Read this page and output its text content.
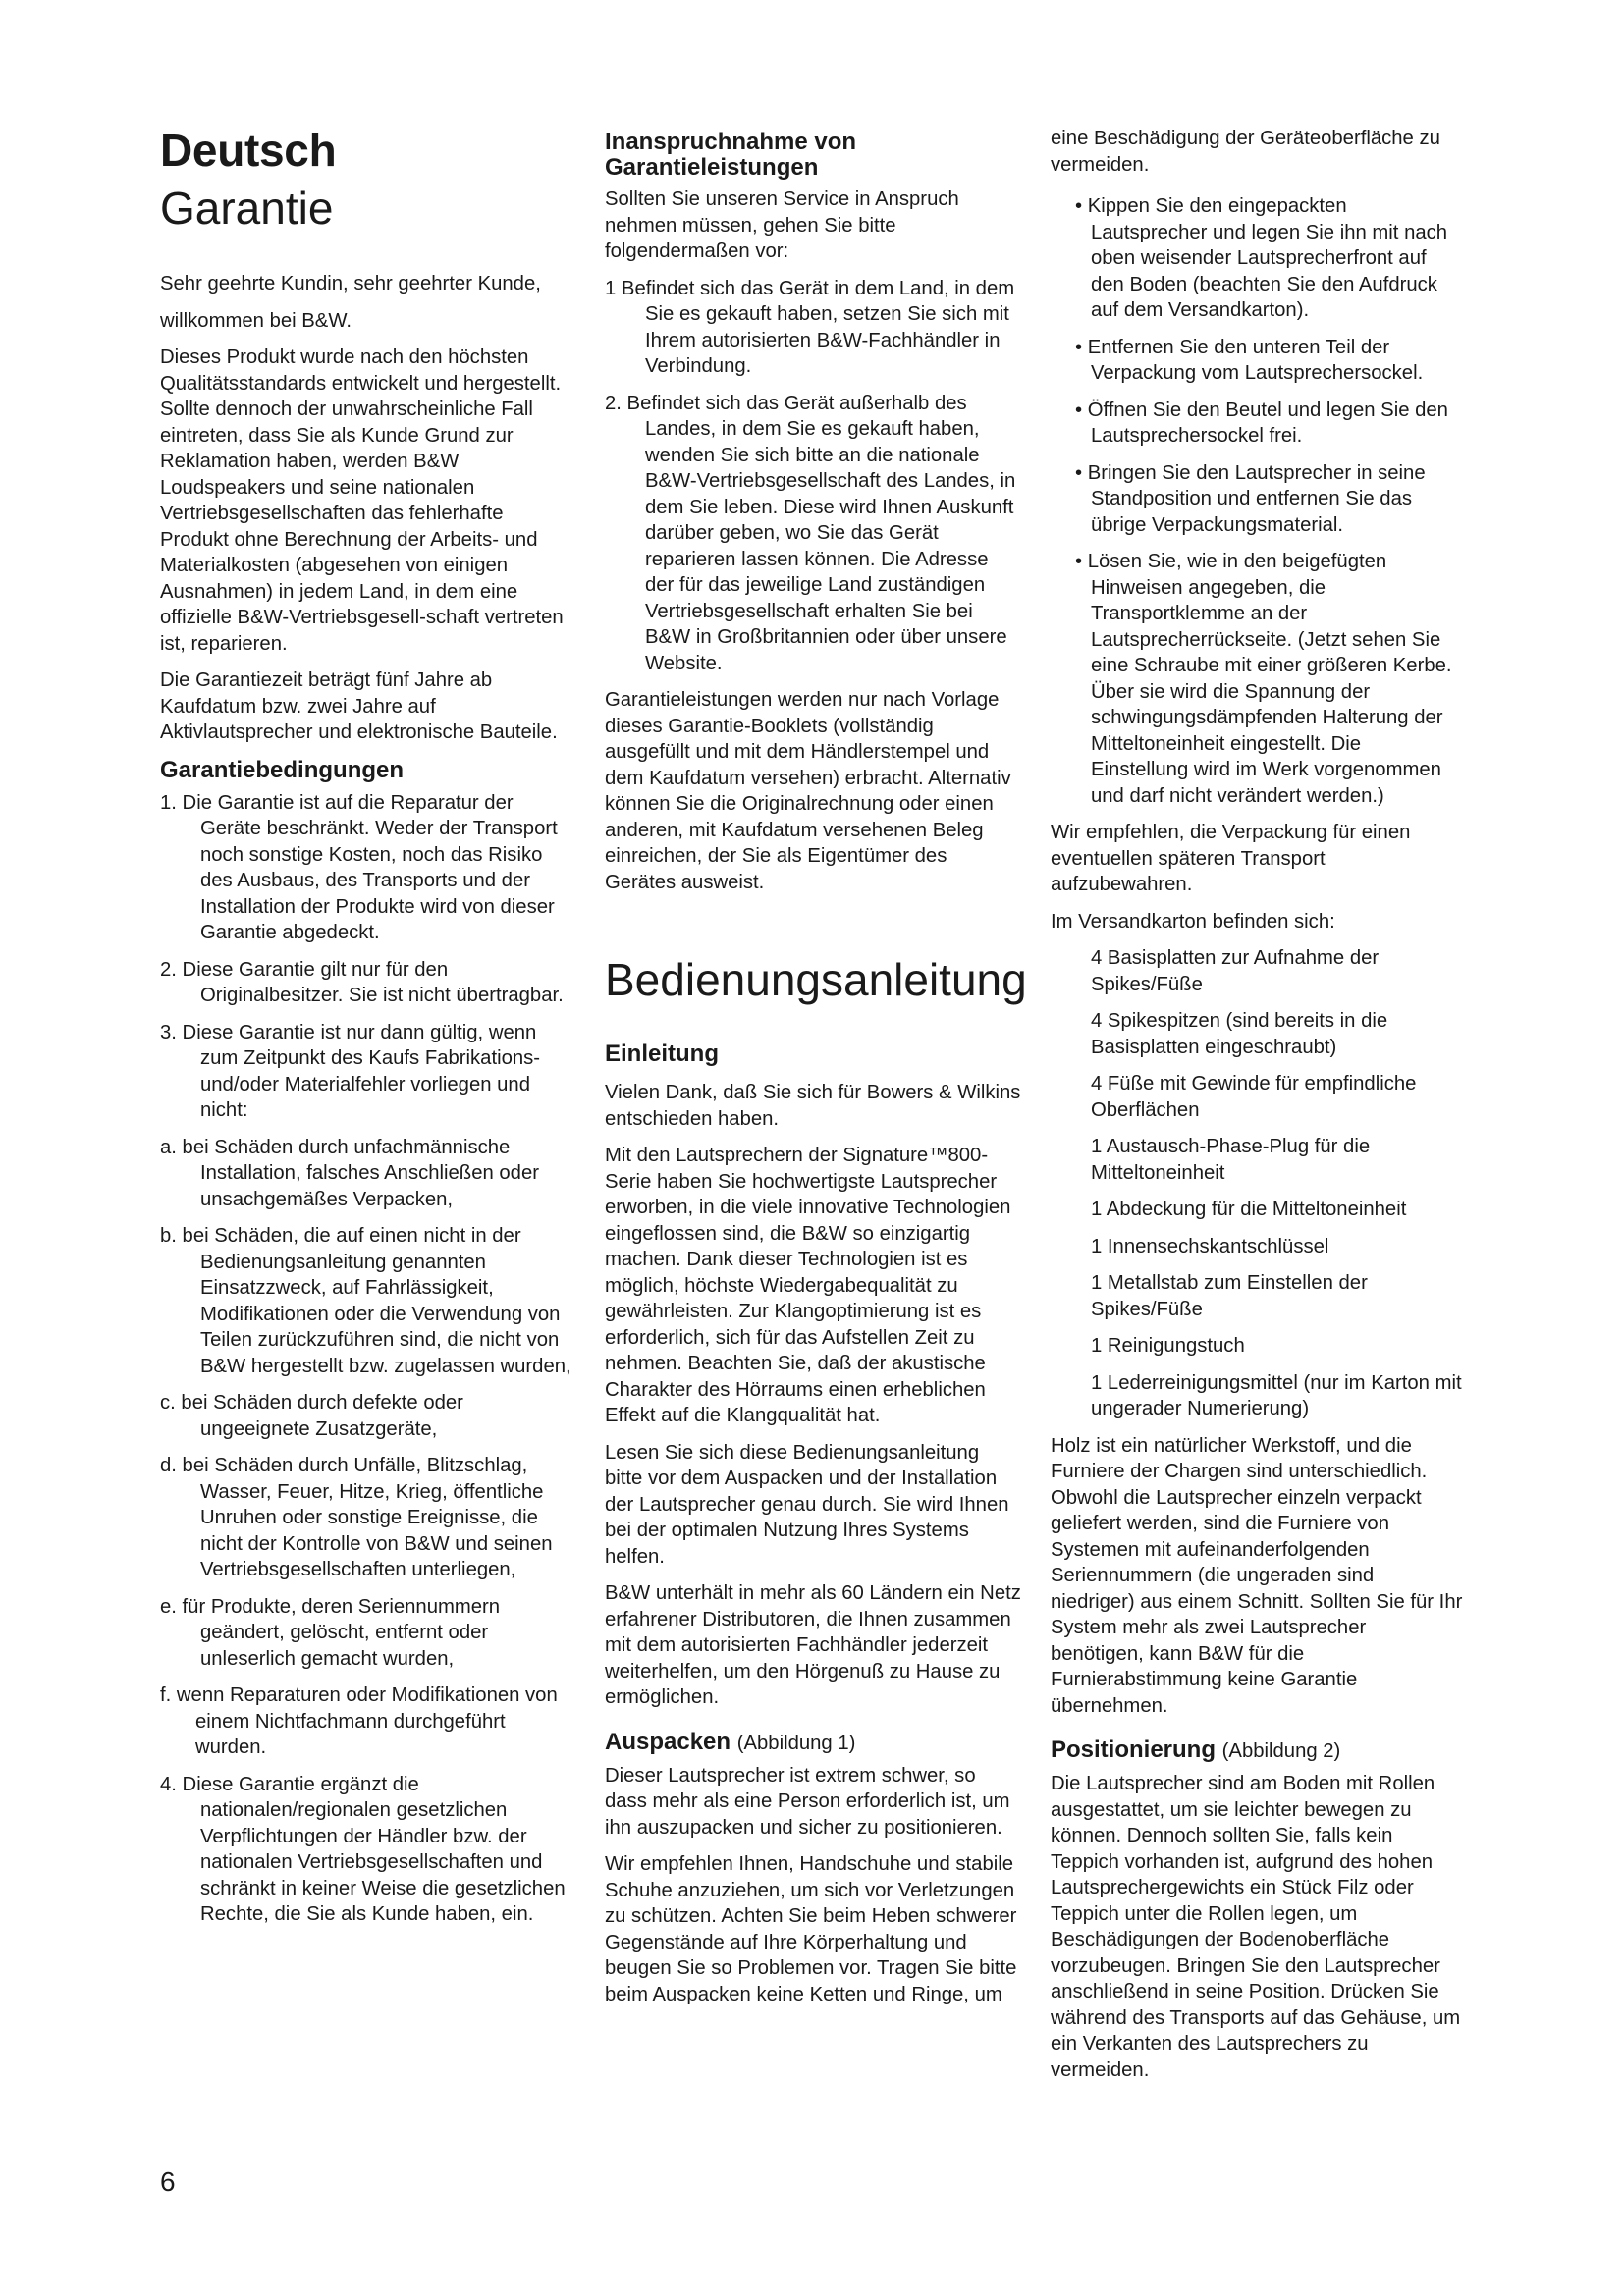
Deutsch
Garantie

Sehr geehrte Kundin, sehr geehrter Kunde,

willkommen bei B&W.

Dieses Produkt wurde nach den höchsten Qualitätsstandards entwickelt und hergestellt. Sollte dennoch der unwahrscheinliche Fall eintreten, dass Sie als Kunde Grund zur Reklamation haben, werden B&W Loudspeakers und seine nationalen Vertriebsgesellschaften das fehlerhafte Produkt ohne Berechnung der Arbeits- und Materialkosten (abgesehen von einigen Ausnahmen) in jedem Land, in dem eine offizielle B&W-Vertriebsgesell-schaft vertreten ist, reparieren.

Die Garantiezeit beträgt fünf Jahre ab Kaufdatum bzw. zwei Jahre auf Aktivlautsprecher und elektronische Bauteile.

Garantiebedingungen

1. Die Garantie ist auf die Reparatur der Geräte beschränkt. Weder der Transport noch sonstige Kosten, noch das Risiko des Ausbaus, des Transports und der Installation der Produkte wird von dieser Garantie abgedeckt.

2. Diese Garantie gilt nur für den Originalbesitzer. Sie ist nicht übertragbar.

3. Diese Garantie ist nur dann gültig, wenn zum Zeitpunkt des Kaufs Fabrikations- und/oder Materialfehler vorliegen und nicht:

a. bei Schäden durch unfachmännische Installation, falsches Anschließen oder unsachgemäßes Verpacken,

b. bei Schäden, die auf einen nicht in der Bedienungsanleitung genannten Einsatzzweck, auf Fahrlässigkeit, Modifikationen oder die Verwendung von Teilen zurückzuführen sind, die nicht von B&W hergestellt bzw. zugelassen wurden,

c. bei Schäden durch defekte oder ungeeignete Zusatzgeräte,

d. bei Schäden durch Unfälle, Blitzschlag, Wasser, Feuer, Hitze, Krieg, öffentliche Unruhen oder sonstige Ereignisse, die nicht der Kontrolle von B&W und seinen Vertriebsgesellschaften unterliegen,

e. für Produkte, deren Seriennummern geändert, gelöscht, entfernt oder unleserlich gemacht wurden,

f. wenn Reparaturen oder Modifikationen von einem Nichtfachmann durchgeführt wurden.

4. Diese Garantie ergänzt die nationalen/regionalen gesetzlichen Verpflichtungen der Händler bzw. der nationalen Vertriebsgesellschaften und schränkt in keiner Weise die gesetzlichen Rechte, die Sie als Kunde haben, ein.

Inanspruchnahme von Garantieleistungen

Sollten Sie unseren Service in Anspruch nehmen müssen, gehen Sie bitte folgendermaßen vor:

1 Befindet sich das Gerät in dem Land, in dem Sie es gekauft haben, setzen Sie sich mit Ihrem autorisierten B&W-Fachhändler in Verbindung.

2. Befindet sich das Gerät außerhalb des Landes, in dem Sie es gekauft haben, wenden Sie sich bitte an die nationale B&W-Vertriebsgesellschaft des Landes, in dem Sie leben. Diese wird Ihnen Auskunft darüber geben, wo Sie das Gerät reparieren lassen können. Die Adresse der für das jeweilige Land zuständigen Vertriebsgesellschaft erhalten Sie bei B&W in Großbritannien oder über unsere Website.

Garantieleistungen werden nur nach Vorlage dieses Garantie-Booklets (vollständig ausgefüllt und mit dem Händlerstempel und dem Kaufdatum versehen) erbracht. Alternativ können Sie die Originalrechnung oder einen anderen, mit Kaufdatum versehenen Beleg einreichen, der Sie als Eigentümer des Gerätes ausweist.

Bedienungsanleitung
Einleitung

Vielen Dank, daß Sie sich für Bowers & Wilkins entschieden haben.

Mit den Lautsprechern der Signature™800-Serie haben Sie hochwertigste Lautsprecher erworben, in die viele innovative Technologien eingeflossen sind, die B&W so einzigartig machen. Dank dieser Technologien ist es möglich, höchste Wiedergabequalität zu gewährleisten. Zur Klangoptimierung ist es erforderlich, sich für das Aufstellen Zeit zu nehmen. Beachten Sie, daß der akustische Charakter des Hörraums einen erheblichen Effekt auf die Klangqualität hat.

Lesen Sie sich diese Bedienungsanleitung bitte vor dem Auspacken und der Installation der Lautsprecher genau durch. Sie wird Ihnen bei der optimalen Nutzung Ihres Systems helfen.

B&W unterhält in mehr als 60 Ländern ein Netz erfahrener Distributoren, die Ihnen zusammen mit dem autorisierten Fachhändler jederzeit weiterhelfen, um den Hörgenuß zu Hause zu ermöglichen.

Auspacken (Abbildung 1)

Dieser Lautsprecher ist extrem schwer, so dass mehr als eine Person erforderlich ist, um ihn auszupacken und sicher zu positionieren.

Wir empfehlen Ihnen, Handschuhe und stabile Schuhe anzuziehen, um sich vor Verletzungen zu schützen. Achten Sie beim Heben schwerer Gegenstände auf Ihre Körperhaltung und beugen Sie so Problemen vor. Tragen Sie bitte beim Auspacken keine Ketten und Ringe, um

eine Beschädigung der Geräteoberfläche zu vermeiden.

• Kippen Sie den eingepackten Lautsprecher und legen Sie ihn mit nach oben weisender Lautsprecherfront auf den Boden (beachten Sie den Aufdruck auf dem Versandkarton).

• Entfernen Sie den unteren Teil der Verpackung vom Lautsprechersockel.

• Öffnen Sie den Beutel und legen Sie den Lautsprechersockel frei.

• Bringen Sie den Lautsprecher in seine Standposition und entfernen Sie das übrige Verpackungsmaterial.

• Lösen Sie, wie in den beigefügten Hinweisen angegeben, die Transportklemme an der Lautsprecherrückseite. (Jetzt sehen Sie eine Schraube mit einer größeren Kerbe. Über sie wird die Spannung der schwingungsdämpfenden Halterung der Mitteltoneinheit eingestellt. Die Einstellung wird im Werk vorgenommen und darf nicht verändert werden.)

Wir empfehlen, die Verpackung für einen eventuellen späteren Transport aufzubewahren.

Im Versandkarton befinden sich:

4 Basisplatten zur Aufnahme der Spikes/Füße

4 Spikespitzen (sind bereits in die Basisplatten eingeschraubt)

4 Füße mit Gewinde für empfindliche Oberflächen

1 Austausch-Phase-Plug für die Mitteltoneinheit

1 Abdeckung für die Mitteltoneinheit

1 Innensechskantschlüssel

1 Metallstab zum Einstellen der Spikes/Füße

1 Reinigungstuch

1 Lederreinigungsmittel (nur im Karton mit ungerader Numerierung)

Holz ist ein natürlicher Werkstoff, und die Furniere der Chargen sind unterschiedlich. Obwohl die Lautsprecher einzeln verpackt geliefert werden, sind die Furniere von Systemen mit aufeinanderfolgenden Seriennummern (die ungeraden sind niedriger) aus einem Schnitt. Sollten Sie für Ihr System mehr als zwei Lautsprecher benötigen, kann B&W für die Furnierabstimmung keine Garantie übernehmen.

Positionierung (Abbildung 2)

Die Lautsprecher sind am Boden mit Rollen ausgestattet, um sie leichter bewegen zu können. Dennoch sollten Sie, falls kein Teppich vorhanden ist, aufgrund des hohen Lautsprechergewichts ein Stück Filz oder Teppich unter die Rollen legen, um Beschädigungen der Bodenoberfläche vorzubeugen. Bringen Sie den Lautsprecher anschließend in seine Position. Drücken Sie während des Transports auf das Gehäuse, um ein Verkanten des Lautsprechers zu vermeiden.

6
